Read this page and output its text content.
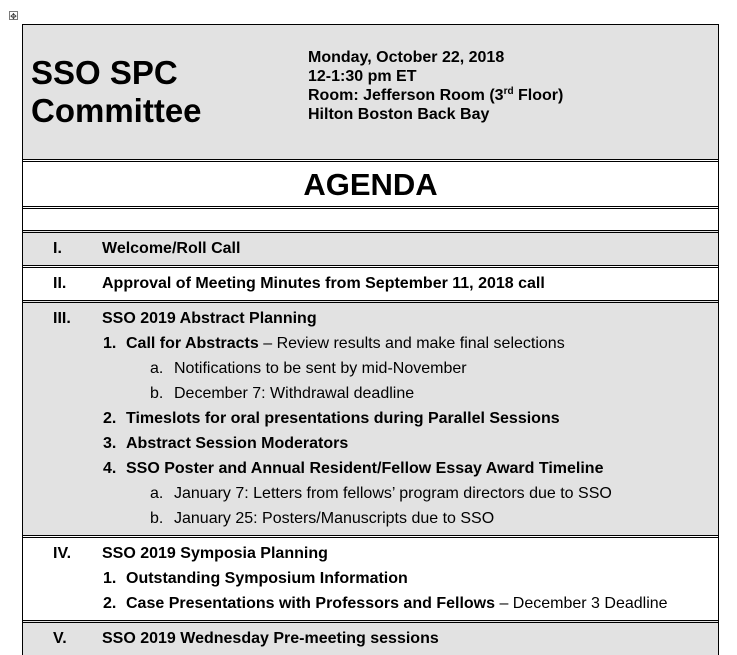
✥
SSO SPC
Committee
Monday, October 22, 2018
12-1:30 pm ET
Room: Jefferson Room (3rd Floor)
Hilton Boston Back Bay
AGENDA
I.	Welcome/Roll Call
II. Approval of Meeting Minutes from September 11, 2018 call
III. SSO 2019 Abstract Planning
1. Call for Abstracts – Review results and make final selections
a. Notifications to be sent by mid-November
b. December 7: Withdrawal deadline
2. Timeslots for oral presentations during Parallel Sessions
3. Abstract Session Moderators
4. SSO Poster and Annual Resident/Fellow Essay Award Timeline
a. January 7: Letters from fellows’ program directors due to SSO
b. January 25: Posters/Manuscripts due to SSO
IV. SSO 2019 Symposia Planning
1. Outstanding Symposium Information
2. Case Presentations with Professors and Fellows – December 3 Deadline
V. SSO 2019 Wednesday Pre-meeting sessions
